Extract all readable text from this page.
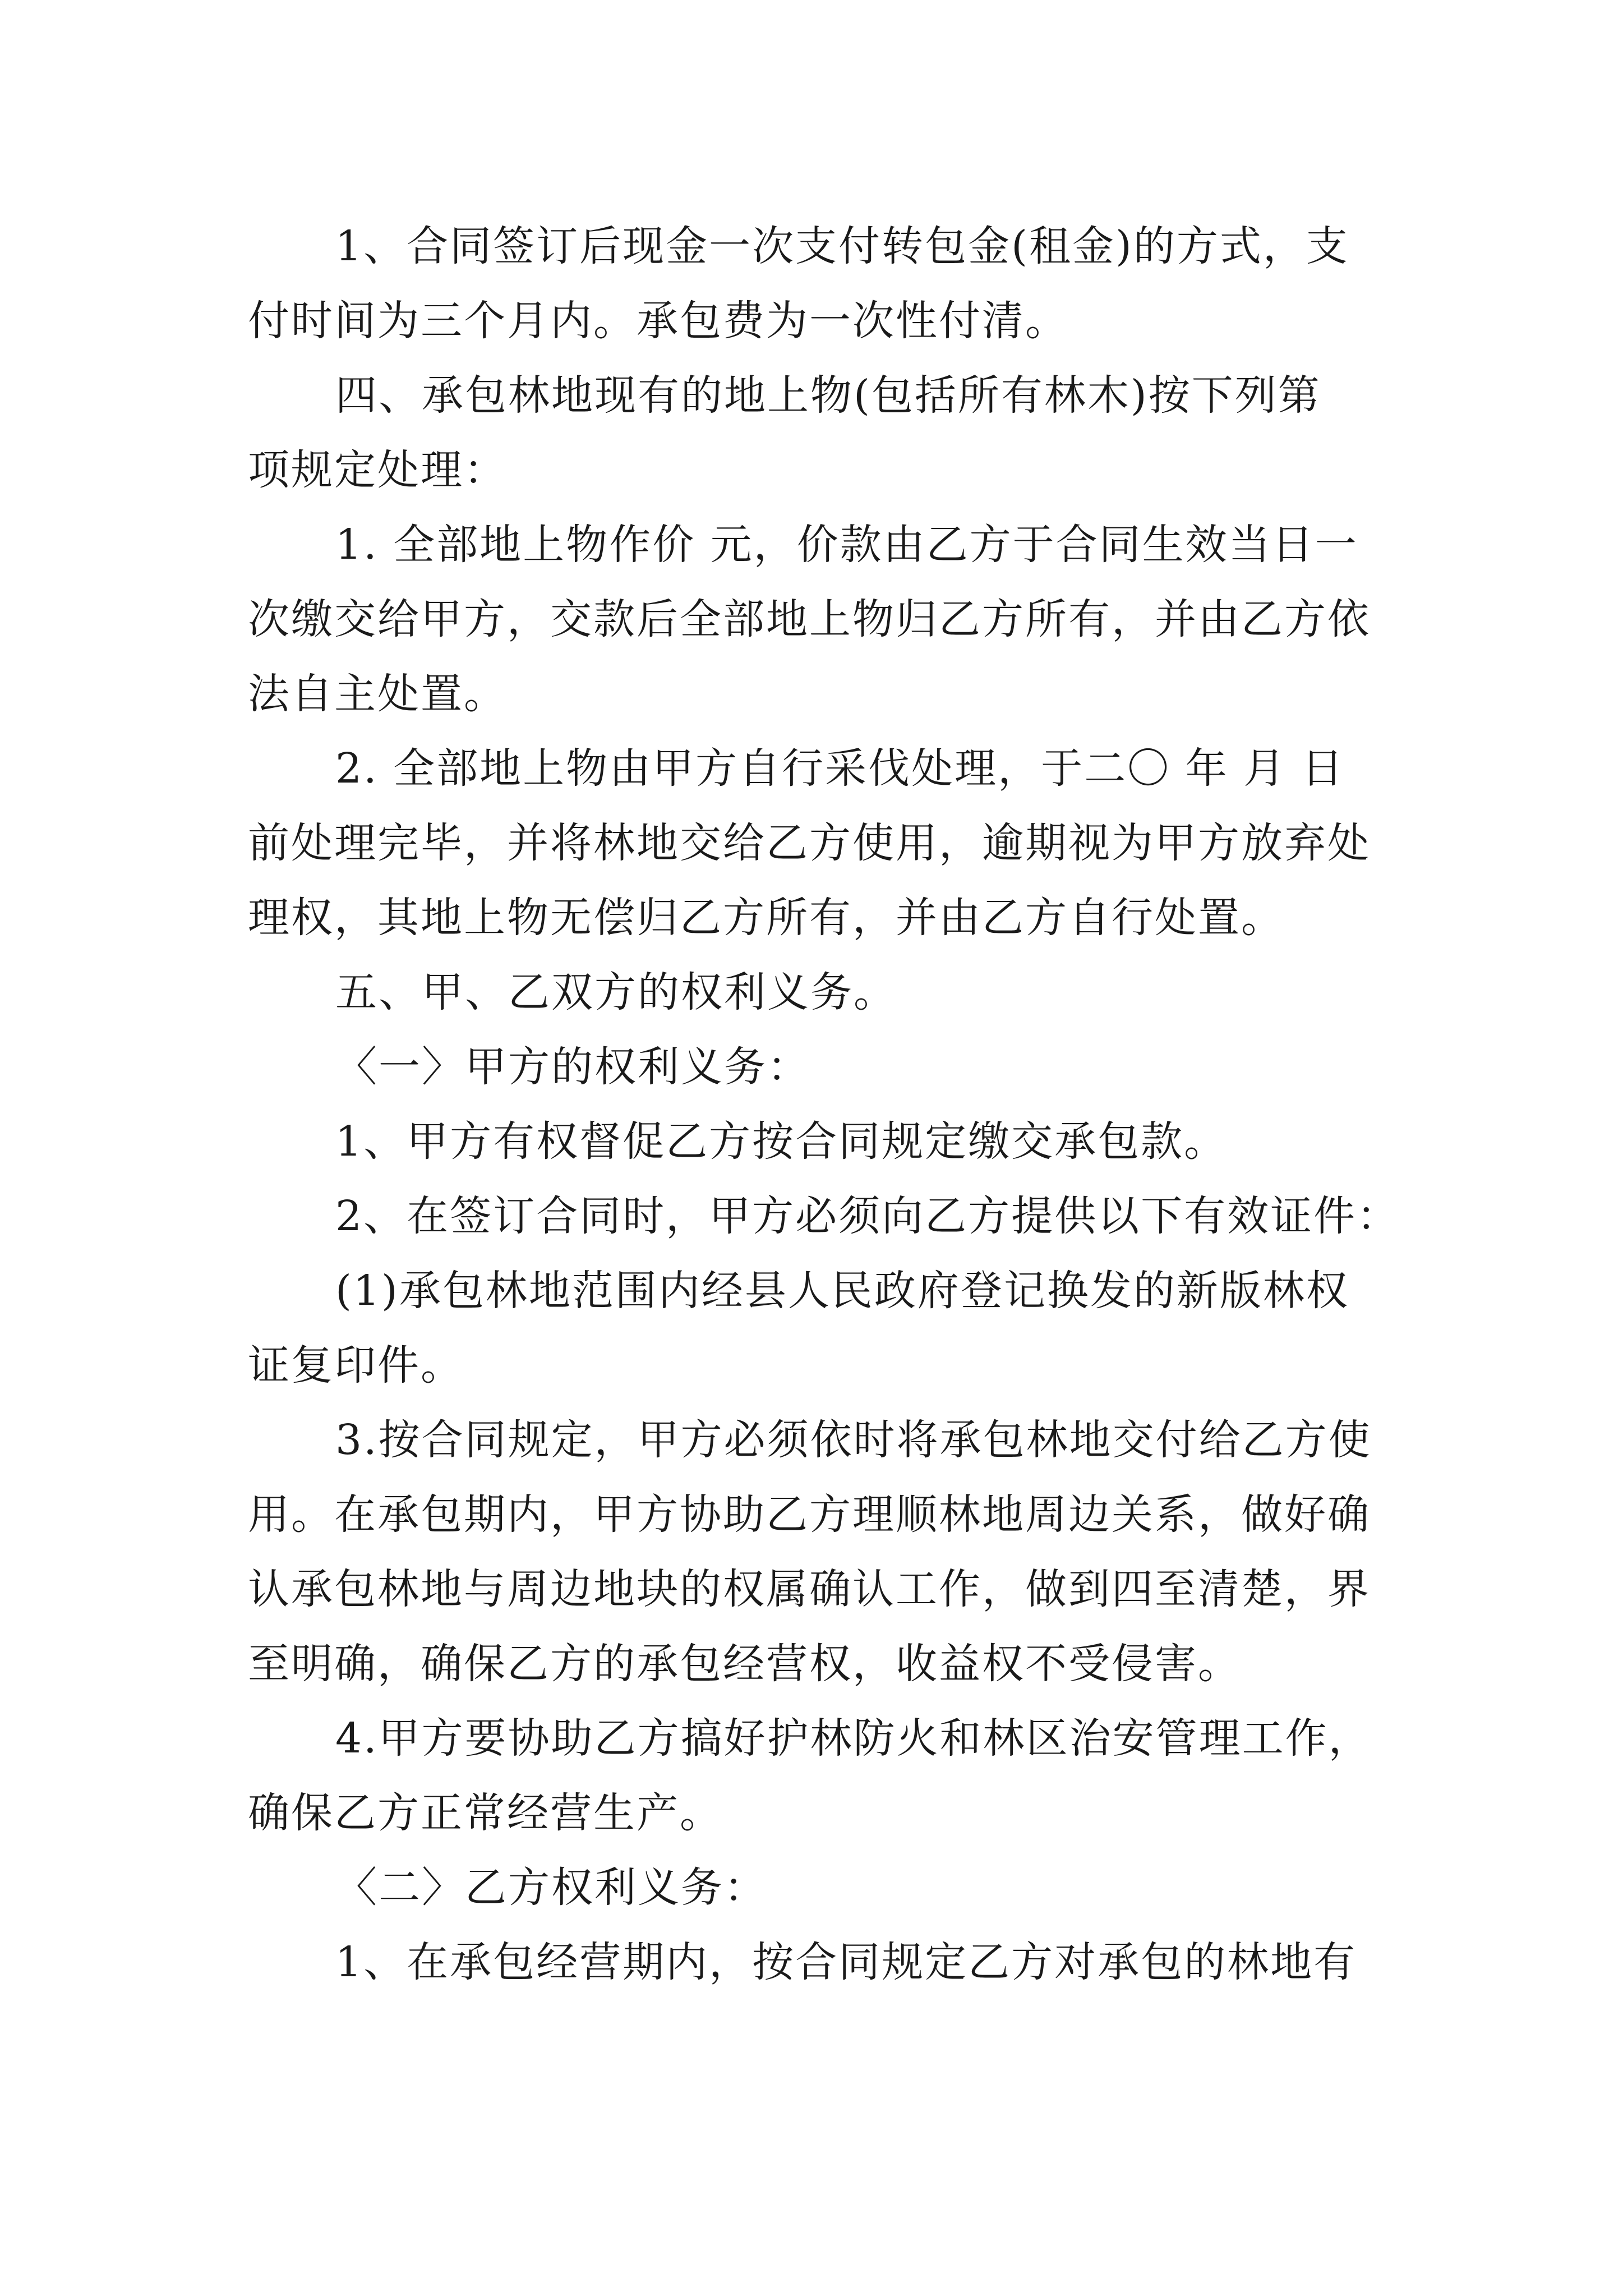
1、合同签订后现金一次支付转包金(租金)的方式，支
付时间为三个月内。承包费为一次性付清。
四、承包林地现有的地上物(包括所有林木)按下列第
项规定处理：
1. 全部地上物作价 元，价款由乙方于合同生效当日一
次缴交给甲方，交款后全部地上物归乙方所有，并由乙方依
法自主处置。
2. 全部地上物由甲方自行采伐处理，于二〇 年 月 日
前处理完毕，并将林地交给乙方使用，逾期视为甲方放弃处
理权，其地上物无偿归乙方所有，并由乙方自行处置。
五、甲、乙双方的权利义务。
〈一〉甲方的权利义务：
1、甲方有权督促乙方按合同规定缴交承包款。
2、在签订合同时，甲方必须向乙方提供以下有效证件：
(1)承包林地范围内经县人民政府登记换发的新版林权
证复印件。
3.按合同规定，甲方必须依时将承包林地交付给乙方使
用。在承包期内，甲方协助乙方理顺林地周边关系，做好确
认承包林地与周边地块的权属确认工作，做到四至清楚，界
至明确，确保乙方的承包经营权，收益权不受侵害。
4.甲方要协助乙方搞好护林防火和林区治安管理工作，
确保乙方正常经营生产。
〈二〉乙方权利义务：
1、在承包经营期内，按合同规定乙方对承包的林地有
